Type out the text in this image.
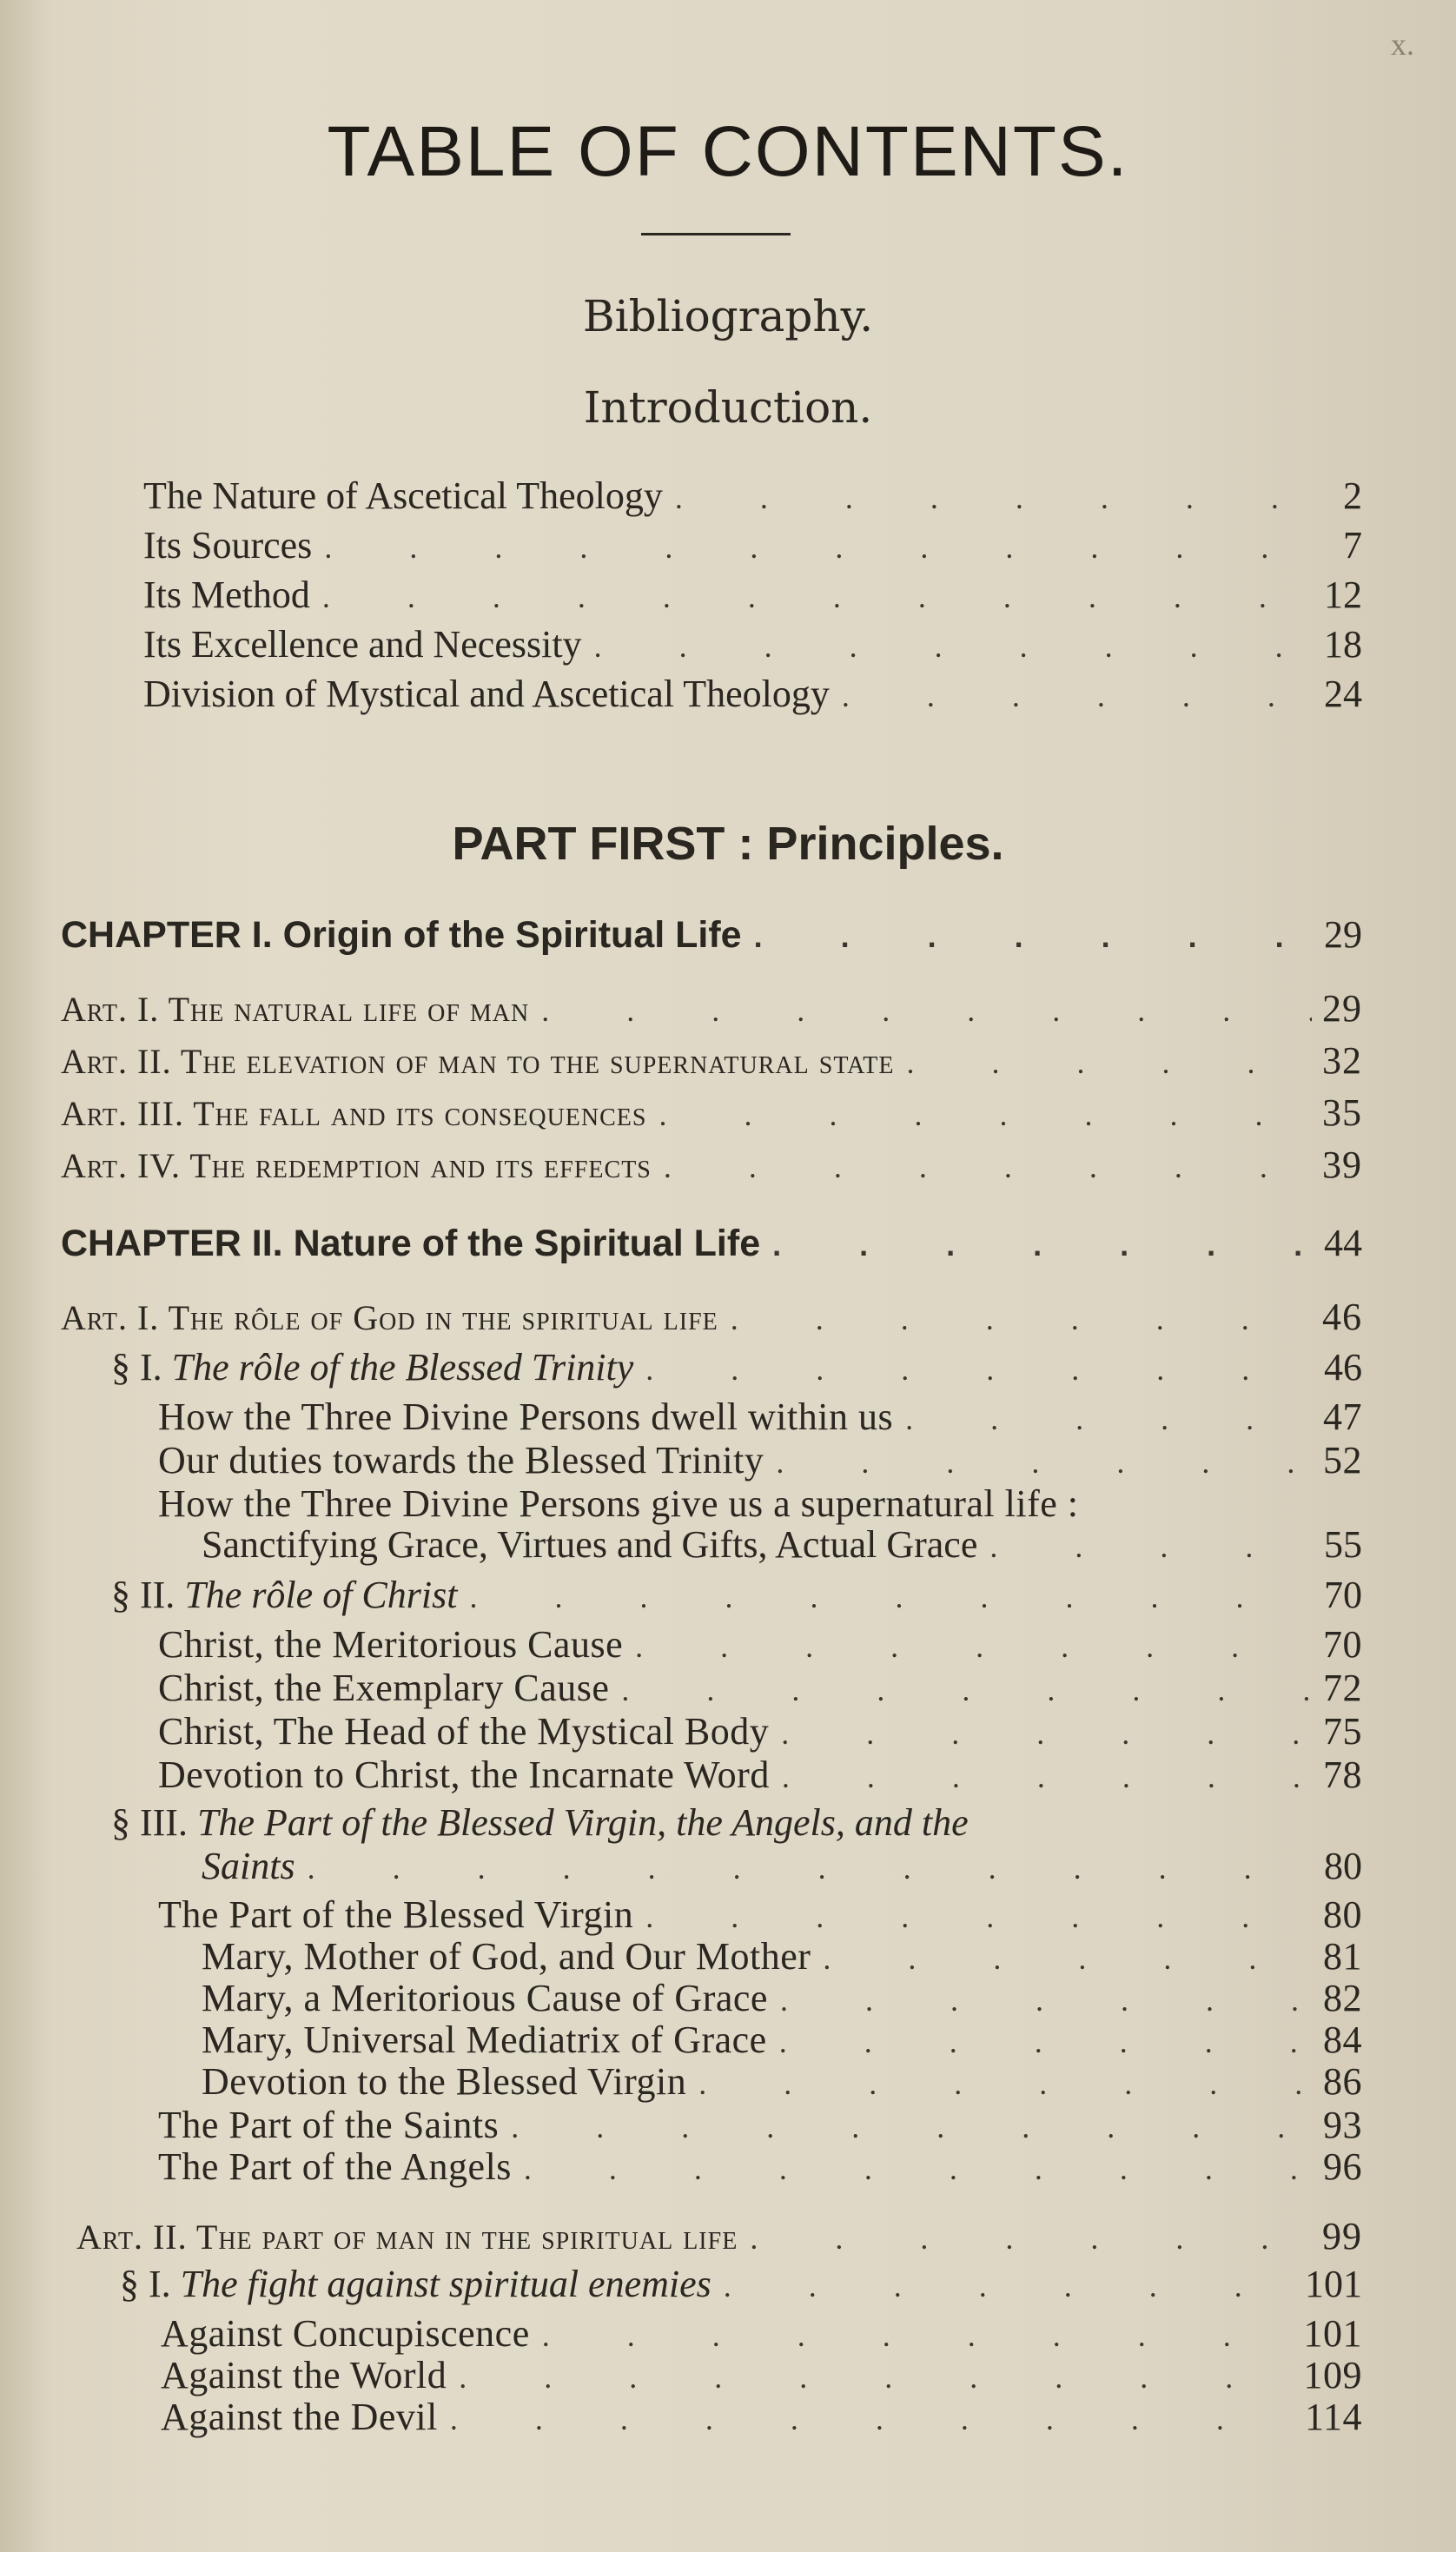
x.
TABLE OF CONTENTS.
Bibliography.
Introduction.
The Nature of Ascetical Theology . . .	2
Its Sources . . .	7
Its Method . . .	12
Its Excellence and Necessity . . .	18
Division of Mystical and Ascetical Theology . . .	24
PART FIRST : Principles.
CHAPTER I. Origin of the Spiritual Life . . .	29
Art. I. The natural life of man . . .	29
Art. II. The elevation of man to the supernatural state . . .	32
Art. III. The fall and its consequences . . .	35
Art. IV. The redemption and its effects . . .	39
CHAPTER II. Nature of the Spiritual Life . . .	44
Art. I. The rôle of God in the spiritual life . . .	46
§ I. The rôle of the Blessed Trinity . . .	46
How the Three Divine Persons dwell within us . . .	47
Our duties towards the Blessed Trinity . . .	52
How the Three Divine Persons give us a supernatural life :
Sanctifying Grace, Virtues and Gifts, Actual Grace . . .	55
§ II. The rôle of Christ . . .	70
Christ, the Meritorious Cause . . .	70
Christ, the Exemplary Cause . . .	72
Christ, The Head of the Mystical Body . . .	75
Devotion to Christ, the Incarnate Word . . .	78
§ III. The Part of the Blessed Virgin, the Angels, and the
Saints . . .	80
The Part of the Blessed Virgin . . .	80
Mary, Mother of God, and Our Mother . . .	81
Mary, a Meritorious Cause of Grace . . .	82
Mary, Universal Mediatrix of Grace . . .	84
Devotion to the Blessed Virgin . . .	86
The Part of the Saints . . .	93
The Part of the Angels . . .	96
Art. II. The part of man in the spiritual life . . .	99
§ I. The fight against spiritual enemies . . .	101
Against Concupiscence . . .	101
Against the World . . .	109
Against the Devil . . .	114
